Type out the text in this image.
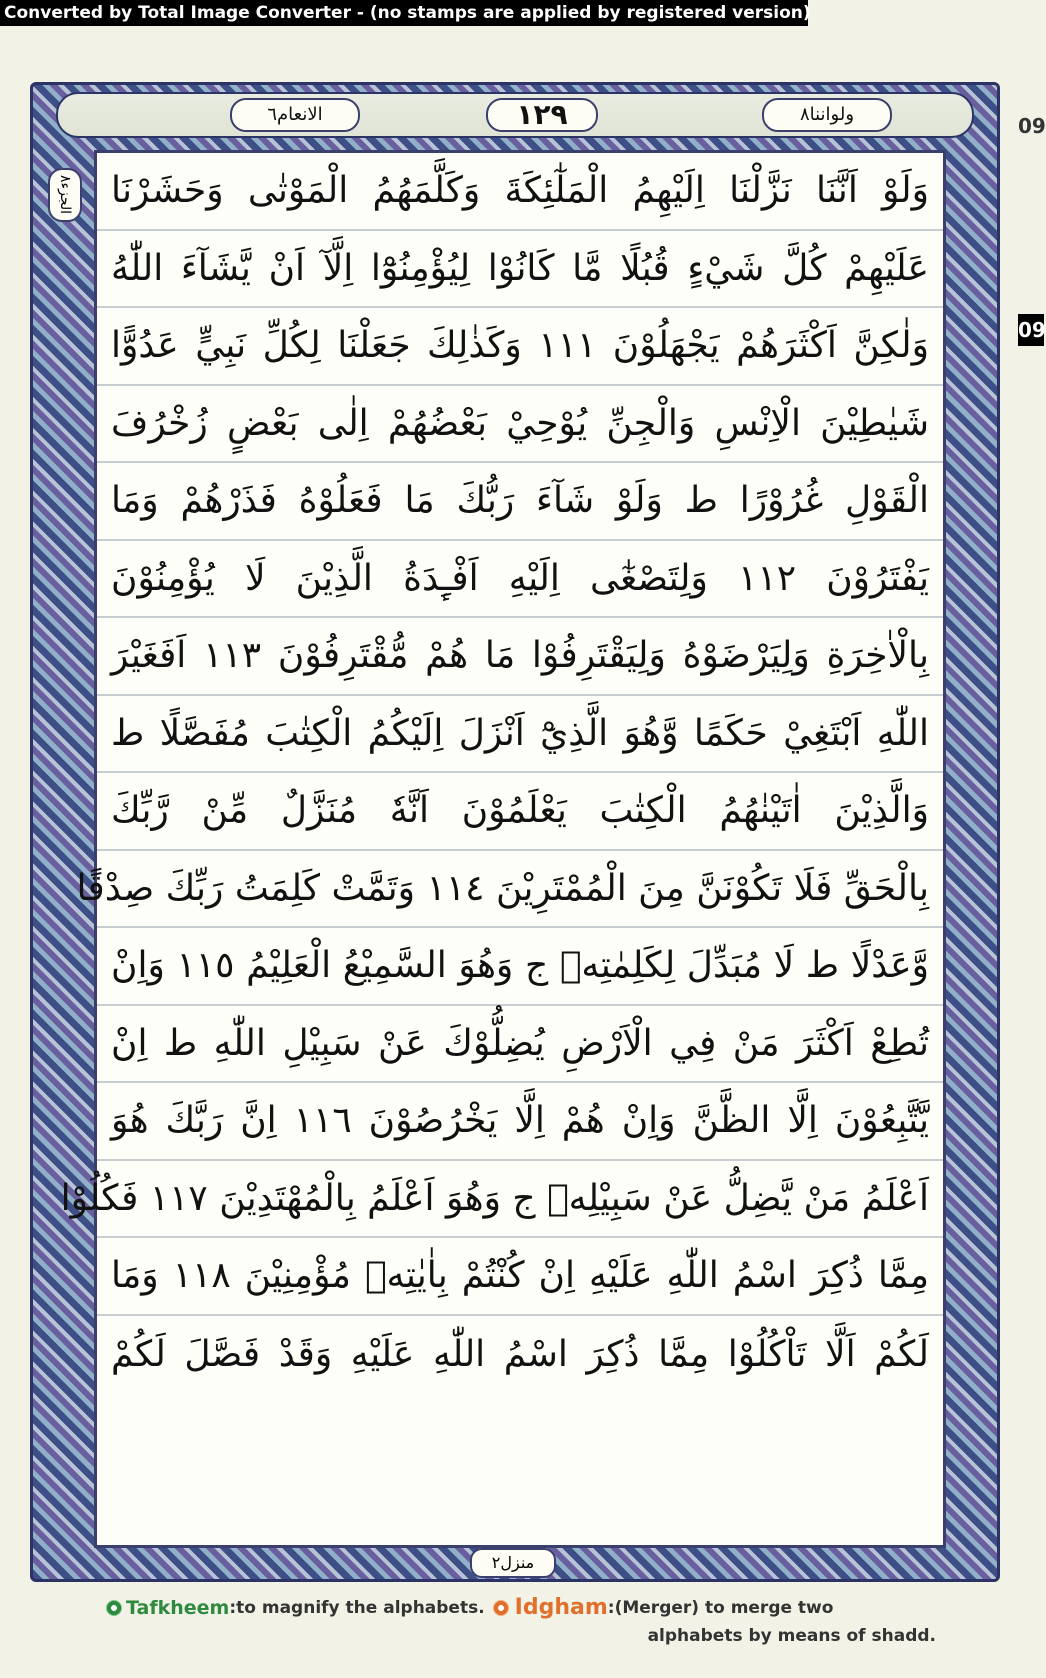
Converted by Total Image Converter - (no stamps are applied by registered version)
09
09
الانعام٦	١٢٩	ولواننا٨
الجزء٨ وَلَوْ اَنَّنَا نَزَّلْنَا اِلَيْهِمُ الْمَلٰٓئِكَةَ وَكَلَّمَهُمُ الْمَوْتٰى وَحَشَرْنَا
عَلَيْهِمْ كُلَّ شَيْءٍ قُبُلًا مَّا كَانُوْا لِيُؤْمِنُوْٓا اِلَّآ اَنْ يَّشَآءَ اللّٰهُ
وَلٰكِنَّ اَكْثَرَهُمْ يَجْهَلُوْنَ ١١١ وَكَذٰلِكَ جَعَلْنَا لِكُلِّ نَبِيٍّ عَدُوًّا
شَيٰطِيْنَ الْاِنْسِ وَالْجِنِّ يُوْحِيْ بَعْضُهُمْ اِلٰى بَعْضٍ زُخْرُفَ
الْقَوْلِ غُرُوْرًا ط وَلَوْ شَآءَ رَبُّكَ مَا فَعَلُوْهُ فَذَرْهُمْ وَمَا
يَفْتَرُوْنَ ١١٢ وَلِتَصْغٰٓى اِلَيْهِ اَفْـِٕدَةُ الَّذِيْنَ لَا يُؤْمِنُوْنَ
بِالْاٰخِرَةِ وَلِيَرْضَوْهُ وَلِيَقْتَرِفُوْا مَا هُمْ مُّقْتَرِفُوْنَ ١١٣ اَفَغَيْرَ
اللّٰهِ اَبْتَغِيْ حَكَمًا وَّهُوَ الَّذِيْٓ اَنْزَلَ اِلَيْكُمُ الْكِتٰبَ مُفَصَّلًا ط
وَالَّذِيْنَ اٰتَيْنٰهُمُ الْكِتٰبَ يَعْلَمُوْنَ اَنَّهٗ مُنَزَّلٌ مِّنْ رَّبِّكَ
بِالْحَقِّ فَلَا تَكُوْنَنَّ مِنَ الْمُمْتَرِيْنَ ١١٤ وَتَمَّتْ كَلِمَتُ رَبِّكَ صِدْقًا
وَّعَدْلًا ط لَا مُبَدِّلَ لِكَلِمٰتِهٖ ج وَهُوَ السَّمِيْعُ الْعَلِيْمُ ١١٥ وَاِنْ
تُطِعْ اَكْثَرَ مَنْ فِي الْاَرْضِ يُضِلُّوْكَ عَنْ سَبِيْلِ اللّٰهِ ط اِنْ
يَّتَّبِعُوْنَ اِلَّا الظَّنَّ وَاِنْ هُمْ اِلَّا يَخْرُصُوْنَ ١١٦ اِنَّ رَبَّكَ هُوَ
اَعْلَمُ مَنْ يَّضِلُّ عَنْ سَبِيْلِهٖ ج وَهُوَ اَعْلَمُ بِالْمُهْتَدِيْنَ ١١٧ فَكُلُوْا
مِمَّا ذُكِرَ اسْمُ اللّٰهِ عَلَيْهِ اِنْ كُنْتُمْ بِاٰيٰتِهٖ مُؤْمِنِيْنَ ١١٨ وَمَا
لَكُمْ اَلَّا تَاْكُلُوْا مِمَّا ذُكِرَ اسْمُ اللّٰهِ عَلَيْهِ وَقَدْ فَصَّلَ لَكُمْ
منزل٢
Tafkheem :to magnify the alphabets. Idgham :(Merger) to merge two
alphabets by means of shadd.
